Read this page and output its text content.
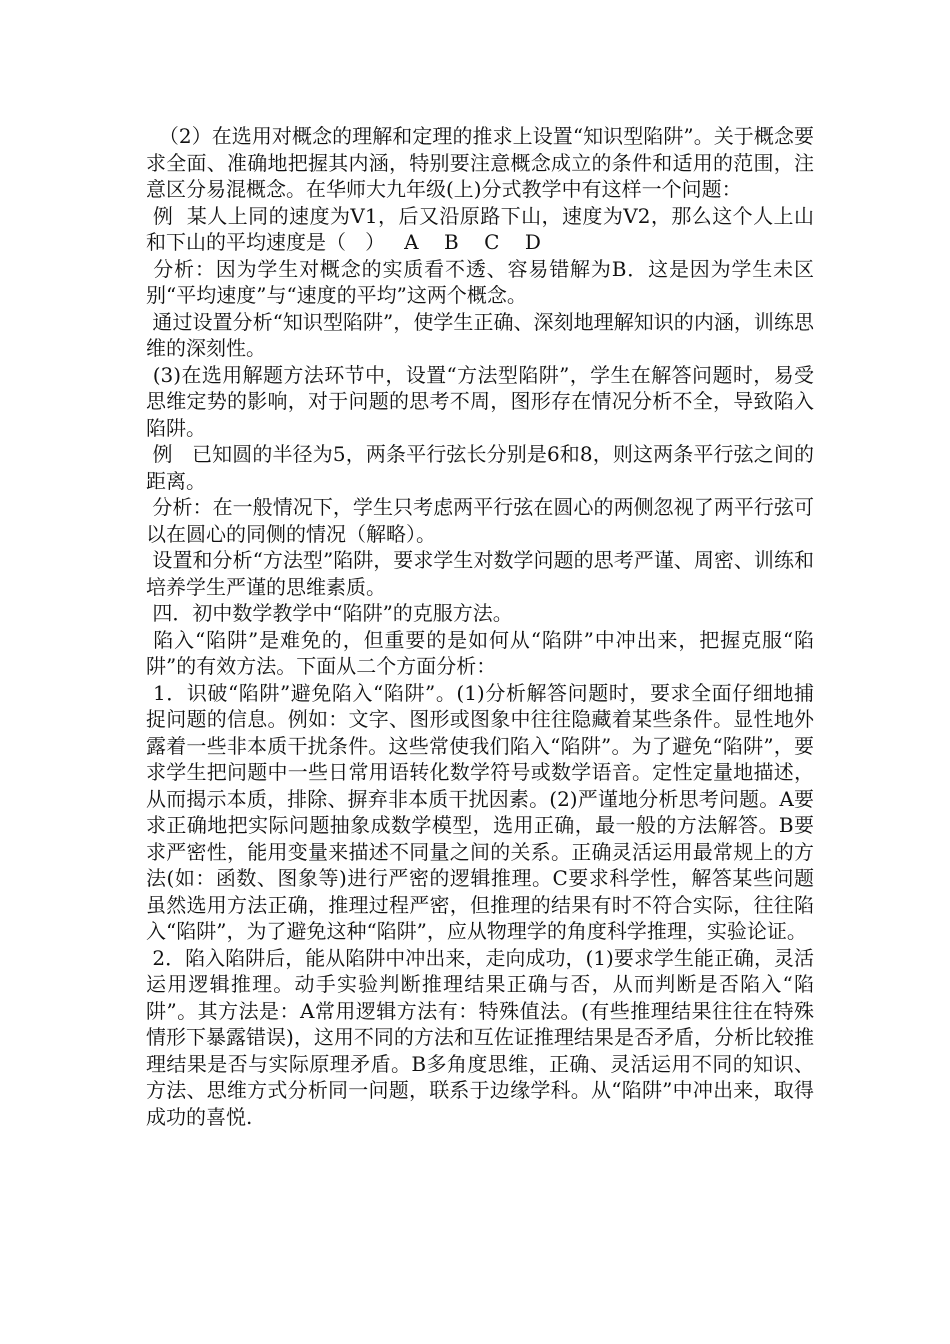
（2）在选用对概念的理解和定理的推求上设置“知识型陷阱”。关于概念要求全面、准确地把握其内涵，特别要注意概念成立的条件和适用的范围，注意区分易混概念。在华师大九年级(上)分式教学中有这样一个问题：

例  某人上同的速度为V1，后又沿原路下山，速度为V2，那么这个人上山和下山的平均速度是（   ）   A    B    C    D

分析：因为学生对概念的实质看不透、容易错解为B．这是因为学生未区别“平均速度”与“速度的平均”这两个概念。

通过设置分析“知识型陷阱”，使学生正确、深刻地理解知识的内涵，训练思维的深刻性。

(3)在选用解题方法环节中，设置“方法型陷阱”，学生在解答问题时，易受思维定势的影响，对于问题的思考不周，图形存在情况分析不全，导致陷入陷阱。

例   已知圆的半径为5，两条平行弦长分别是6和8，则这两条平行弦之间的距离。

分析：在一般情况下，学生只考虑两平行弦在圆心的两侧忽视了两平行弦可以在圆心的同侧的情况（解略）。

设置和分析“方法型”陷阱，要求学生对数学问题的思考严谨、周密、训练和培养学生严谨的思维素质。

四．初中数学教学中“陷阱”的克服方法。

陷入“陷阱”是难免的，但重要的是如何从“陷阱”中冲出来，把握克服“陷阱”的有效方法。下面从二个方面分析：

1．识破“陷阱”避免陷入“陷阱”。(1)分析解答问题时，要求全面仔细地捕捉问题的信息。例如：文字、图形或图象中往往隐藏着某些条件。显性地外露着一些非本质干扰条件。这些常使我们陷入“陷阱”。为了避免“陷阱”，要求学生把问题中一些日常用语转化数学符号或数学语音。定性定量地描述，从而揭示本质，排除、摒弃非本质干扰因素。(2)严谨地分析思考问题。A要求正确地把实际问题抽象成数学模型，选用正确，最一般的方法解答。B要求严密性，能用变量来描述不同量之间的关系。正确灵活运用最常规上的方法(如：函数、图象等)进行严密的逻辑推理。C要求科学性，解答某些问题虽然选用方法正确，推理过程严密，但推理的结果有时不符合实际，往往陷入“陷阱”，为了避免这种“陷阱”，应从物理学的角度科学推理，实验论证。

2．陷入陷阱后，能从陷阱中冲出来，走向成功，(1)要求学生能正确，灵活运用逻辑推理。动手实验判断推理结果正确与否，从而判断是否陷入“陷阱”。其方法是：A常用逻辑方法有：特殊值法。(有些推理结果往往在特殊情形下暴露错误)，这用不同的方法和互佐证推理结果是否矛盾，分析比较推理结果是否与实际原理矛盾。B多角度思维，正确、灵活运用不同的知识、方法、思维方式分析同一问题，联系于边缘学科。从“陷阱”中冲出来，取得成功的喜悦.
